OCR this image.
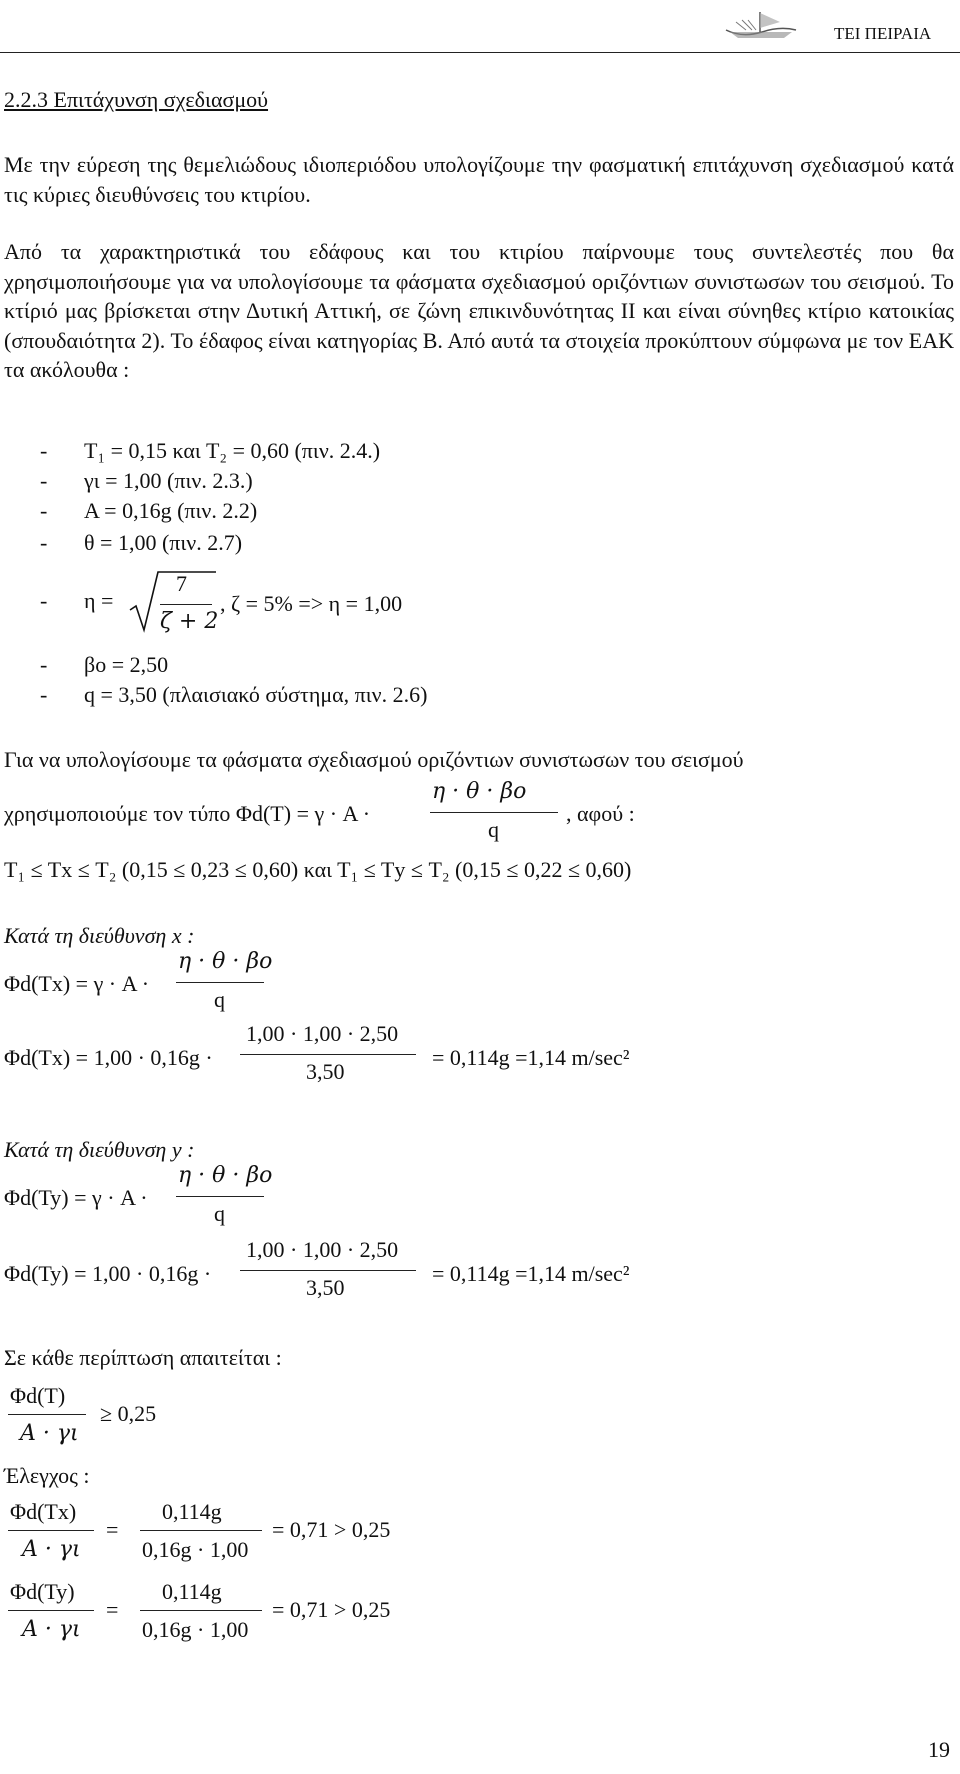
ΤΕΙ ΠΕΙΡΑΙΑ
2.2.3 Επιτάχυνση σχεδιασμού
Με την εύρεση της θεμελιώδους ιδιοπεριόδου υπολογίζουμε την φασματική επιτάχυνση σχεδιασμού κατά τις κύριες διευθύνσεις του κτιρίου.
Από τα χαρακτηριστικά του εδάφους και του κτιρίου παίρνουμε τους συντελεστές που θα χρησιμοποιήσουμε για να υπολογίσουμε τα φάσματα σχεδιασμού οριζόντιων συνιστωσων του σεισμού. Το κτίριό μας βρίσκεται στην Δυτική Αττική, σε ζώνη επικινδυνότητας ΙΙ και είναι σύνηθες κτίριο κατοικίας (σπουδαιότητα 2). Το έδαφος είναι κατηγορίας Β. Από αυτά τα στοιχεία προκύπτουν σύμφωνα με τον ΕΑΚ τα ακόλουθα :
- Τ₁ = 0,15 και Τ₂ = 0,60 (πιν. 2.4.)
- γι = 1,00 (πιν. 2.3.)
- A = 0,16g (πιν. 2.2)
- θ = 1,00 (πιν. 2.7)
- η =
7
ζ + 2
, ζ = 5% => η = 1,00
- βο = 2,50
- q = 3,50 (πλαισιακό σύστημα, πιν. 2.6)
Για να υπολογίσουμε τα φάσματα σχεδιασμού οριζόντιων συνιστωσων του σεισμού
χρησιμοποιούμε τον τύπο Φd(T) = γ · A ·
η · θ · βο
q
, αφού :
Τ₁ ≤ Τx ≤ Τ₂ (0,15 ≤ 0,23 ≤ 0,60) και Τ₁ ≤ Τy ≤ Τ₂ (0,15 ≤ 0,22 ≤ 0,60)
Κατά τη διεύθυνση x :
Φd(Tx) = γ · A ·
η · θ · βο
q
Φd(Tx) = 1,00 · 0,16g ·
1,00 · 1,00 · 2,50
3,50
= 0,114g =1,14 m/sec²
Κατά τη διεύθυνση y :
Φd(Ty) = γ · A ·
η · θ · βο
q
Φd(Ty) = 1,00 · 0,16g ·
1,00 · 1,00 · 2,50
3,50
= 0,114g =1,14 m/sec²
Σε κάθε περίπτωση απαιτείται :
Φd(T)
A · γι
≥ 0,25
Έλεγχος :
Φd(Tx)
A · γι
=
0,114g
0,16g · 1,00
= 0,71 > 0,25
Φd(Ty)
A · γι
=
0,114g
0,16g · 1,00
= 0,71 > 0,25
19
